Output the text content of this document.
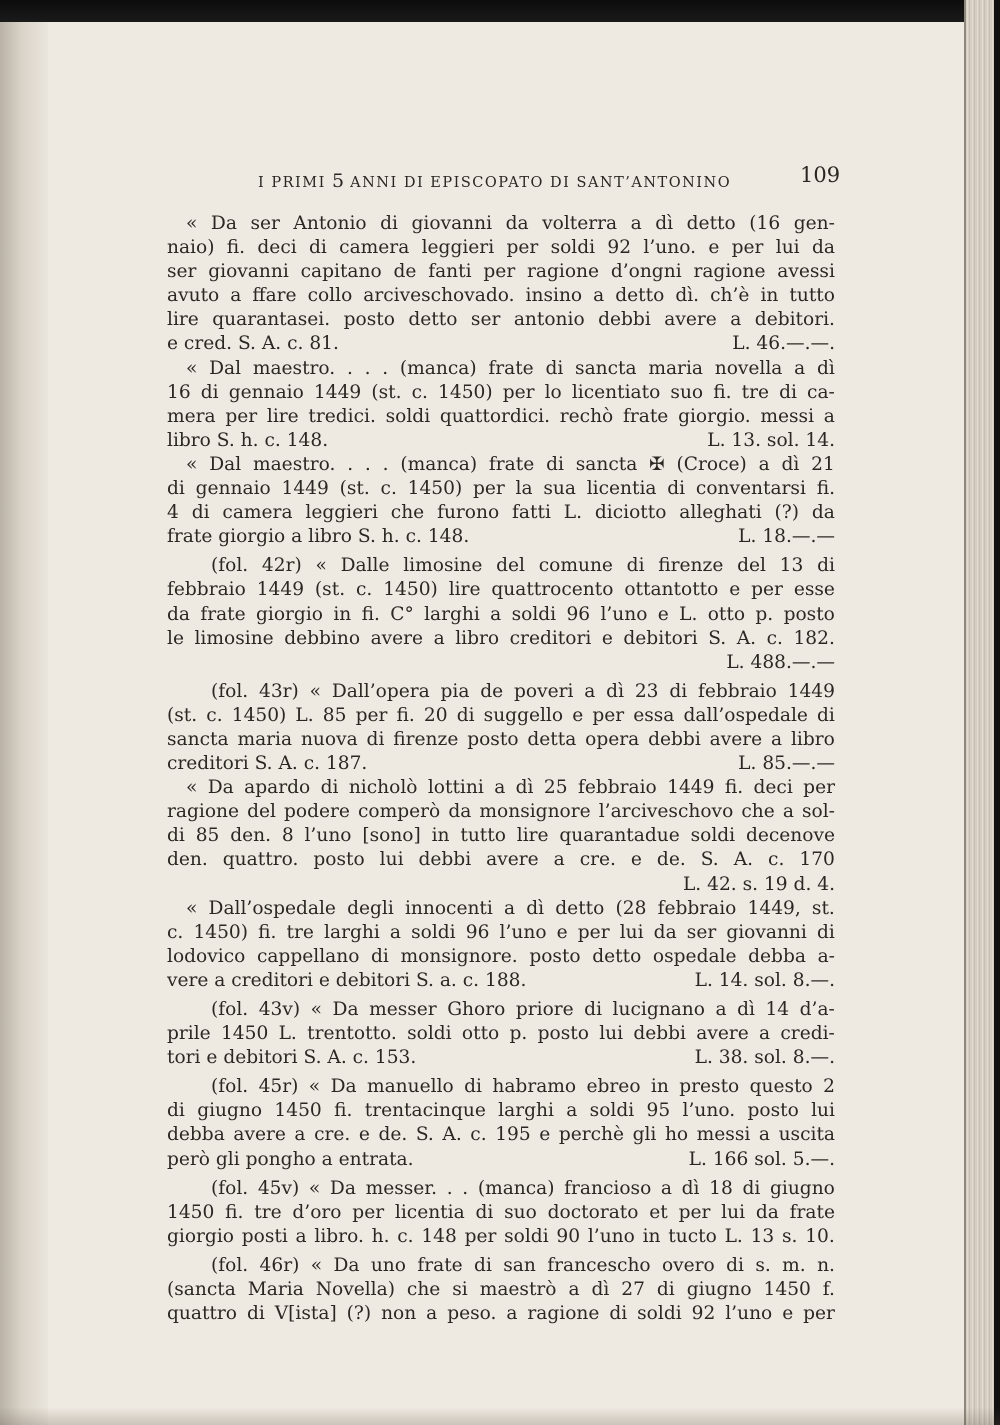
I PRIMI 5 ANNI DI EPISCOPATO DI SANT’ANTONINO	109
« Da ser Antonio di giovanni da volterra a dì detto (16 gen-
naio) fi. deci di camera leggieri per soldi 92 l’uno. e per lui da
ser giovanni capitano de fanti per ragione d’ongni ragione avessi
avuto a ffare collo arciveschovado. insino a detto dì. ch’è in tutto
lire quarantasei. posto detto ser antonio debbi avere a debitori.
e cred. S. A. c. 81.	L. 46.—.—.
« Dal maestro. . . . (manca) frate di sancta maria novella a dì
16 di gennaio 1449 (st. c. 1450) per lo licentiato suo fi. tre di ca-
mera per lire tredici. soldi quattordici. rechò frate giorgio. messi a
libro S. h. c. 148.	L. 13. sol. 14.
« Dal maestro. . . . (manca) frate di sancta ✠ (Croce) a dì 21
di gennaio 1449 (st. c. 1450) per la sua licentia di conventarsi fi.
4 di camera leggieri che furono fatti L. diciotto alleghati (?) da
frate giorgio a libro S. h. c. 148.	L. 18.—.—
(fol. 42r) « Dalle limosine del comune di firenze del 13 di
febbraio 1449 (st. c. 1450) lire quattrocento ottantotto e per esse
da frate giorgio in fi. C° larghi a soldi 96 l’uno e L. otto p. posto
le limosine debbino avere a libro creditori e debitori S. A. c. 182.
L. 488.—.—
(fol. 43r) « Dall’opera pia de poveri a dì 23 di febbraio 1449
(st. c. 1450) L. 85 per fi. 20 di suggello e per essa dall’ospedale di
sancta maria nuova di firenze posto detta opera debbi avere a libro
creditori S. A. c. 187.	L. 85.—.—
« Da apardo di nicholò lottini a dì 25 febbraio 1449 fi. deci per
ragione del podere comperò da monsignore l’arciveschovo che a sol-
di 85 den. 8 l’uno [sono] in tutto lire quarantadue soldi decenove
den. quattro. posto lui debbi avere a cre. e de. S. A. c. 170
L. 42. s. 19 d. 4.
« Dall’ospedale degli innocenti a dì detto (28 febbraio 1449, st.
c. 1450) fi. tre larghi a soldi 96 l’uno e per lui da ser giovanni di
lodovico cappellano di monsignore. posto detto ospedale debba a-
vere a creditori e debitori S. a. c. 188.	L. 14. sol. 8.—.
(fol. 43v) « Da messer Ghoro priore di lucignano a dì 14 d’a-
prile 1450 L. trentotto. soldi otto p. posto lui debbi avere a credi-
tori e debitori S. A. c. 153.	L. 38. sol. 8.—.
(fol. 45r) « Da manuello di habramo ebreo in presto questo 2
di giugno 1450 fi. trentacinque larghi a soldi 95 l’uno. posto lui
debba avere a cre. e de. S. A. c. 195 e perchè gli ho messi a uscita
però gli pongho a entrata.	L. 166 sol. 5.—.
(fol. 45v) « Da messer. . . (manca) francioso a dì 18 di giugno
1450 fi. tre d’oro per licentia di suo doctorato et per lui da frate
giorgio posti a libro. h. c. 148 per soldi 90 l’uno in tucto L. 13 s. 10.
(fol. 46r) « Da uno frate di san francescho overo di s. m. n.
(sancta Maria Novella) che si maestrò a dì 27 di giugno 1450 f.
quattro di V[ista] (?) non a peso. a ragione di soldi 92 l’uno e per
